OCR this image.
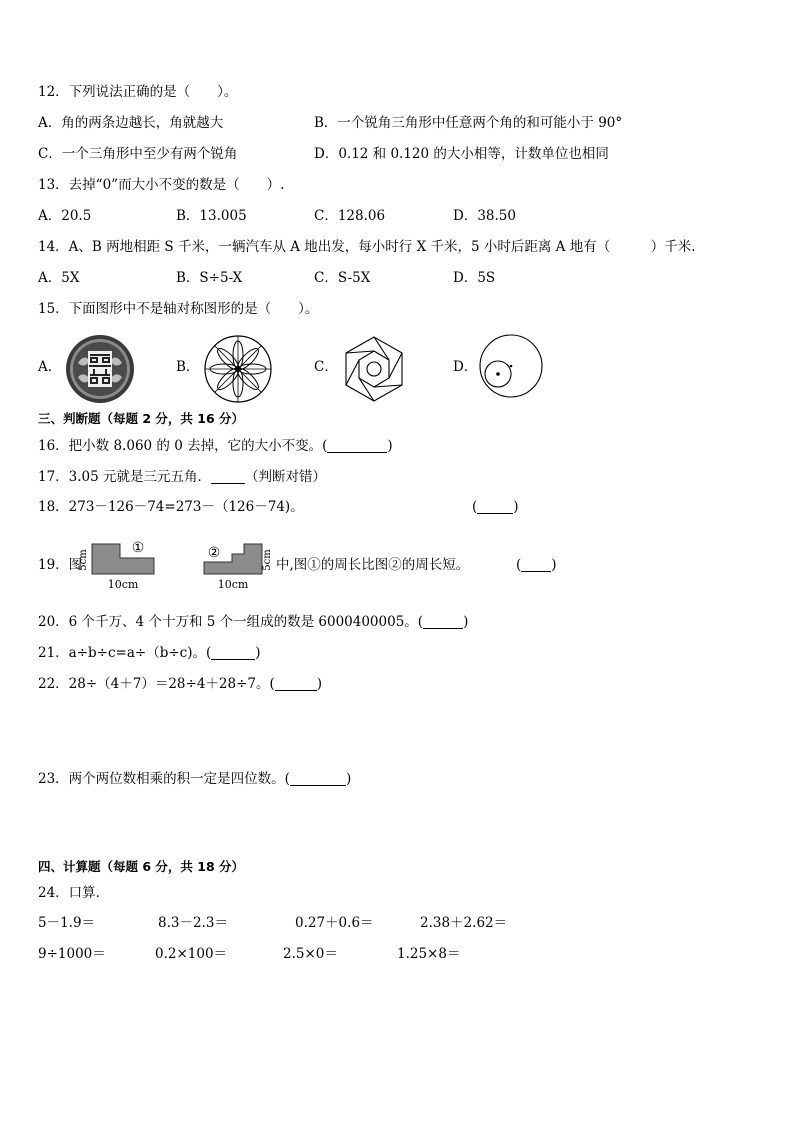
12．下列说法正确的是（　　）。
A．角的两条边越长，角就越大	B．一个锐角三角形中任意两个角的和可能小于 90°
C．一个三角形中至少有两个锐角	D．0.12 和 0.120 的大小相等，计数单位也相同
13．去掉“0”而大小不变的数是（　　）.
A．20.5	B．13.005	C．128.06	D．38.50
14．A、B 两地相距 S 千米，一辆汽车从 A 地出发，每小时行 X 千米，5 小时后距离 A 地有（　　　）千米.
A．5X	B．S÷5-X	C．S-5X	D．5S
15．下面图形中不是轴对称图形的是（　　）。
A．	B．	C．	D．
三、判断题（每题 2 分，共 16 分）
16．把小数 8.060 的 0 去掉，它的大小不变。(	)
17．3.05 元就是三元五角．	（判断对错）
18．273－126－74=273－（126－74)。	(	)
19．图
5cm
①
10cm
②	5cm
10cm
中,图①的周长比图②的周长短。	( )
20．6 个千万、4 个十万和 5 个一组成的数是 6000400005。(	)
21．a÷b÷c=a÷（b÷c)。(	)
22．28÷（4＋7）＝28÷4＋28÷7。(	)
23．两个两位数相乘的积一定是四位数。(	)
四、计算题（每题 6 分，共 18 分）
24．口算．
5－1.9＝	8.3－2.3＝	0.27＋0.6＝	2.38＋2.62＝
9÷1000＝	0.2×100＝	2.5×0＝	1.25×8＝
